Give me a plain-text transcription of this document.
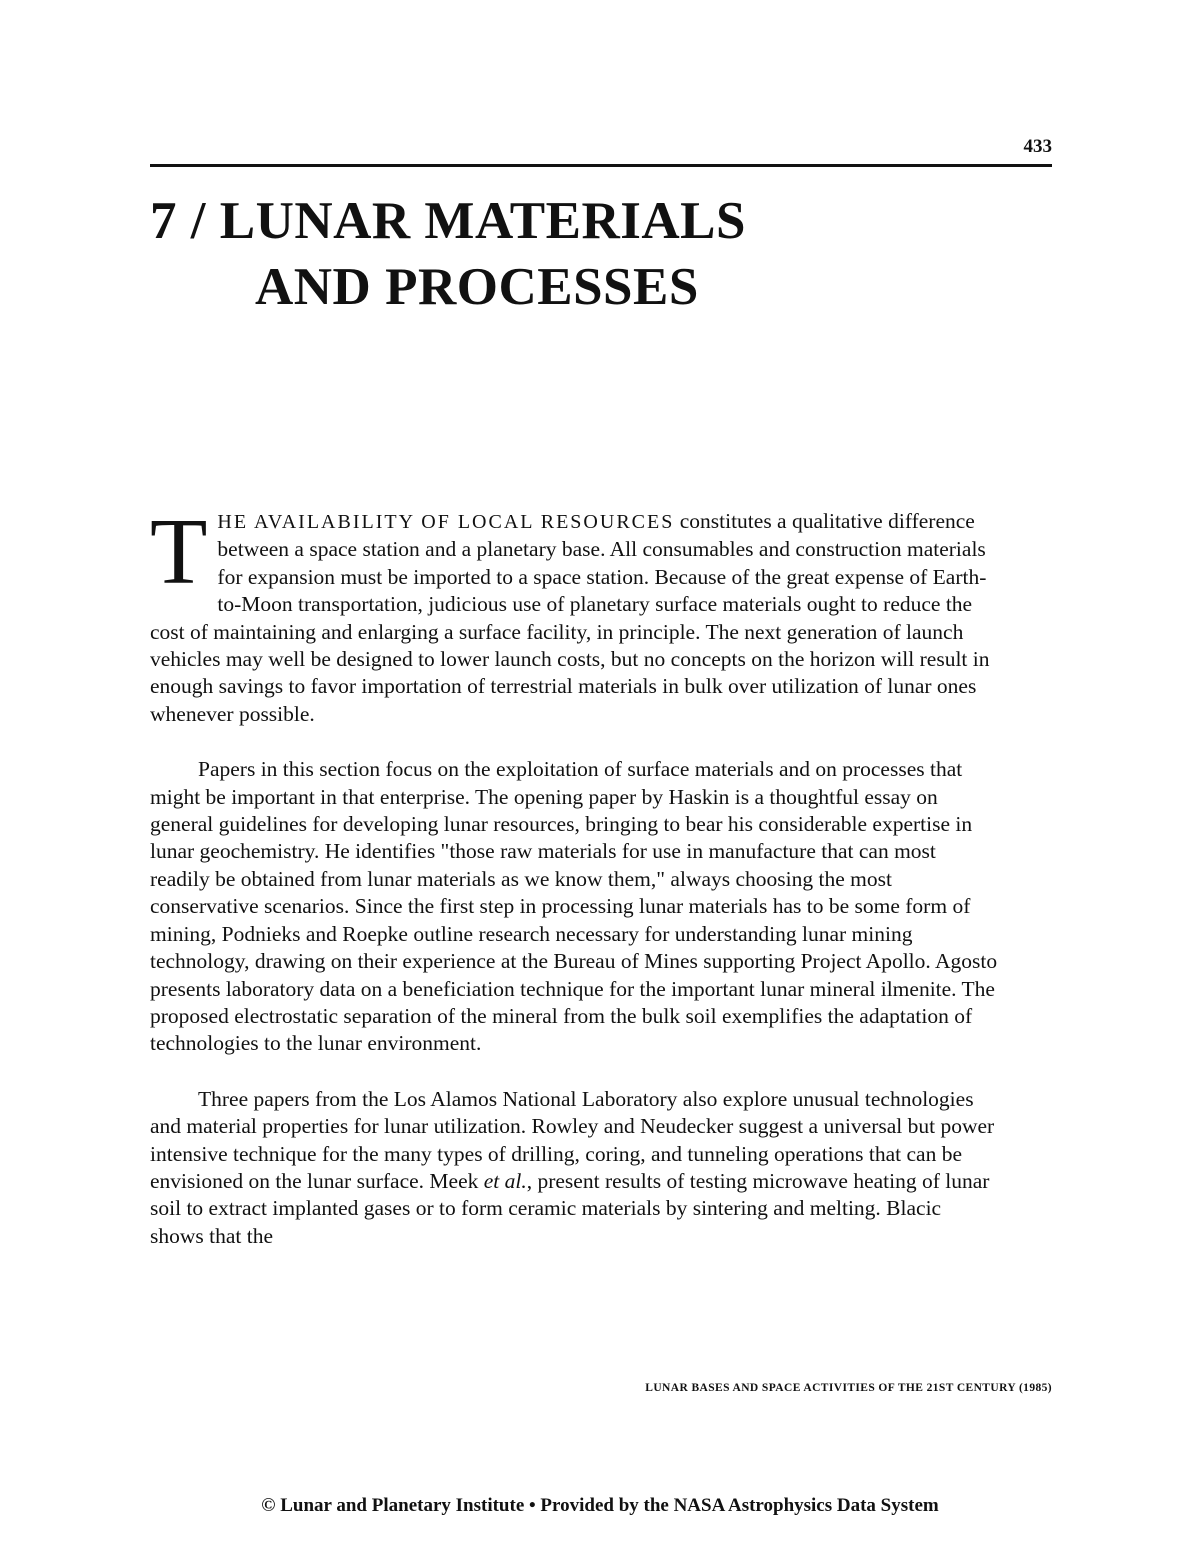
433
7 / LUNAR MATERIALS
AND PROCESSES

THE AVAILABILITY OF LOCAL RESOURCES constitutes a qualitative difference between a space station and a planetary base. All consumables and construction materials for expansion must be imported to a space station. Because of the great expense of Earth-to-Moon transportation, judicious use of planetary surface materials ought to reduce the cost of maintaining and enlarging a surface facility, in principle. The next generation of launch vehicles may well be designed to lower launch costs, but no concepts on the horizon will result in enough savings to favor importation of terrestrial materials in bulk over utilization of lunar ones whenever possible.

Papers in this section focus on the exploitation of surface materials and on processes that might be important in that enterprise. The opening paper by Haskin is a thoughtful essay on general guidelines for developing lunar resources, bringing to bear his considerable expertise in lunar geochemistry. He identifies "those raw materials for use in manufacture that can most readily be obtained from lunar materials as we know them," always choosing the most conservative scenarios. Since the first step in processing lunar materials has to be some form of mining, Podnieks and Roepke outline research necessary for understanding lunar mining technology, drawing on their experience at the Bureau of Mines supporting Project Apollo. Agosto presents laboratory data on a beneficiation technique for the important lunar mineral ilmenite. The proposed electrostatic separation of the mineral from the bulk soil exemplifies the adaptation of technologies to the lunar environment.

Three papers from the Los Alamos National Laboratory also explore unusual technologies and material properties for lunar utilization. Rowley and Neudecker suggest a universal but power intensive technique for the many types of drilling, coring, and tunneling operations that can be envisioned on the lunar surface. Meek et al., present results of testing microwave heating of lunar soil to extract implanted gases or to form ceramic materials by sintering and melting. Blacic shows that the

LUNAR BASES AND SPACE ACTIVITIES OF THE 21ST CENTURY (1985)
© Lunar and Planetary Institute • Provided by the NASA Astrophysics Data System
